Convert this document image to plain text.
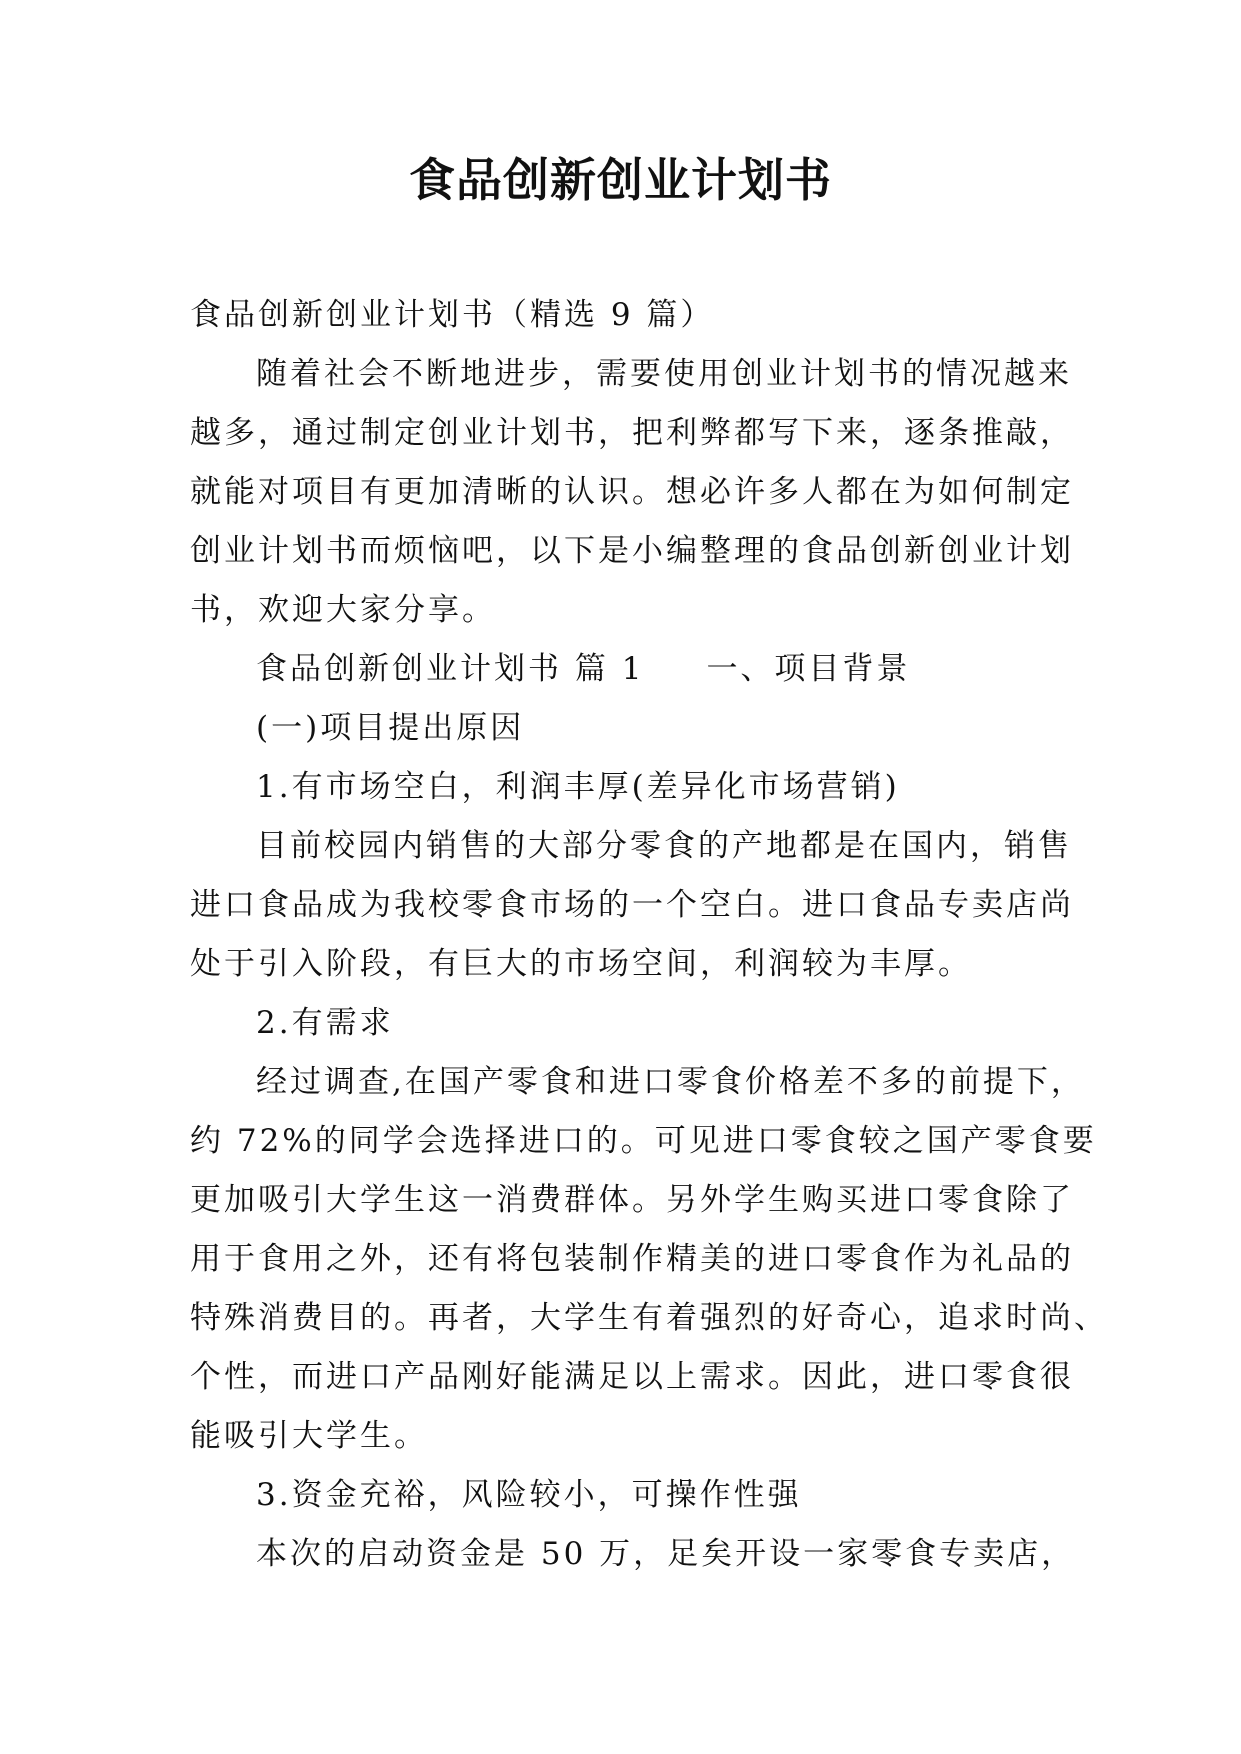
食品创新创业计划书
食品创新创业计划书（精选 9 篇）
随着社会不断地进步，需要使用创业计划书的情况越来
越多，通过制定创业计划书，把利弊都写下来，逐条推敲，
就能对项目有更加清晰的认识。想必许多人都在为如何制定
创业计划书而烦恼吧，以下是小编整理的食品创新创业计划
书，欢迎大家分享。
食品创新创业计划书 篇 1 一、项目背景
(一)项目提出原因
1.有市场空白，利润丰厚(差异化市场营销)
目前校园内销售的大部分零食的产地都是在国内，销售
进口食品成为我校零食市场的一个空白。进口食品专卖店尚
处于引入阶段，有巨大的市场空间，利润较为丰厚。
2.有需求
经过调查,在国产零食和进口零食价格差不多的前提下，
约 72%的同学会选择进口的。可见进口零食较之国产零食要
更加吸引大学生这一消费群体。另外学生购买进口零食除了
用于食用之外，还有将包装制作精美的进口零食作为礼品的
特殊消费目的。再者，大学生有着强烈的好奇心，追求时尚、
个性，而进口产品刚好能满足以上需求。因此，进口零食很
能吸引大学生。
3.资金充裕，风险较小，可操作性强
本次的启动资金是 50 万，足矣开设一家零食专卖店，
